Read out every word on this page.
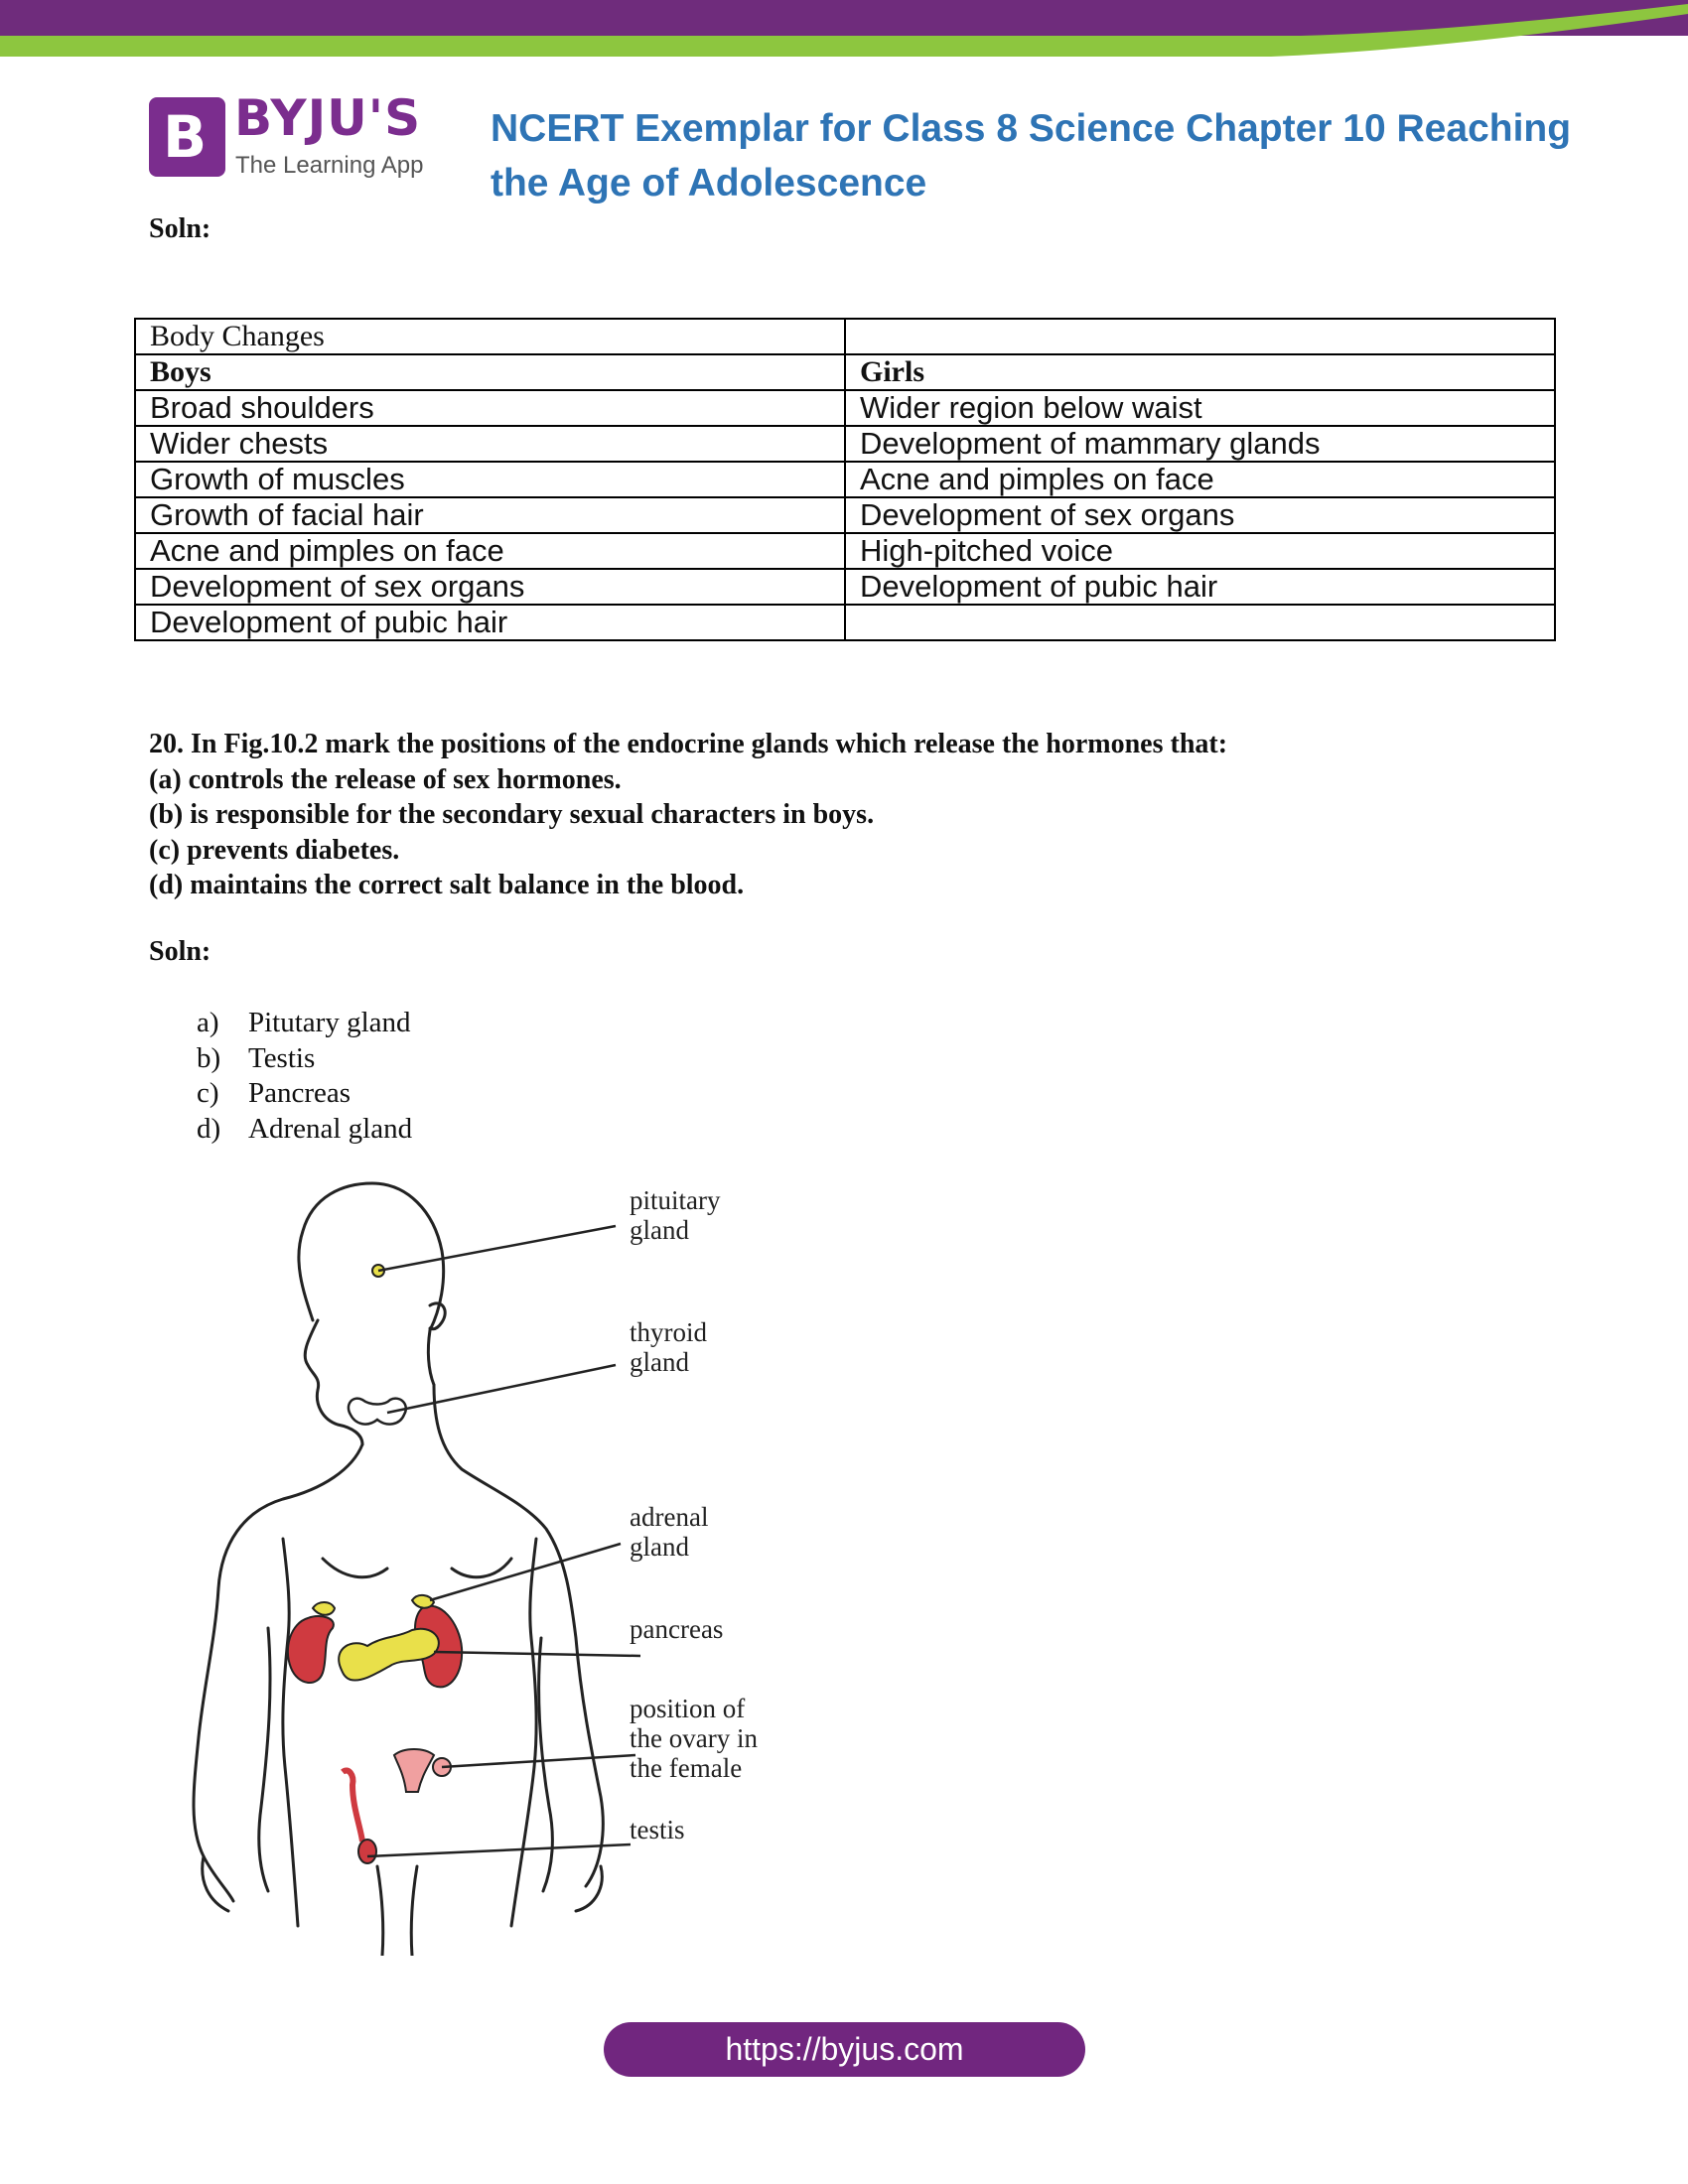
B BYJU'S
The Learning App
NCERT Exemplar for Class 8 Science Chapter 10 Reaching the Age of Adolescence
Soln:
Body Changes	
Boys	Girls
Broad shoulders	Wider region below waist
Wider chests	Development of mammary glands
Growth of muscles	Acne and pimples on face
Growth of facial hair	Development of sex organs
Acne and pimples on face	High-pitched voice
Development of sex organs	Development of pubic hair
Development of pubic hair	
20. In Fig.10.2 mark the positions of the endocrine glands which release the hormones that:
(a) controls the release of sex hormones.
(b) is responsible for the secondary sexual characters in boys.
(c) prevents diabetes.
(d) maintains the correct salt balance in the blood.
Soln:
a) Pitutary gland
b) Testis
c) Pancreas
d) Adrenal gland
pituitary
gland
thyroid
gland
adrenal
gland
pancreas
position of
the ovary in
the female
testis
https://byjus.com
